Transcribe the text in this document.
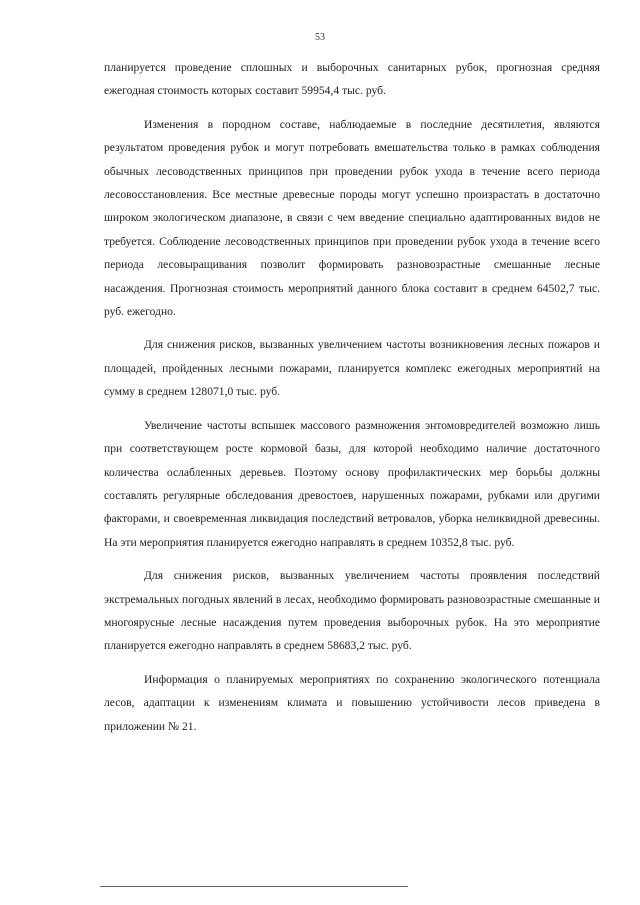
53

планируется проведение сплошных и выборочных санитарных рубок, прогнозная средняя ежегодная стоимость которых составит 59954,4 тыс. руб.

Изменения в породном составе, наблюдаемые в последние десятилетия, являются результатом проведения рубок и могут потребовать вмешательства только в рамках соблюдения обычных лесоводственных принципов при проведении рубок ухода в течение всего периода лесовосстановления. Все местные древесные породы могут успешно произрастать в достаточно широком экологическом диапазоне, в связи с чем введение специально адаптированных видов не требуется. Соблюдение лесоводственных принципов при проведении рубок ухода в течение всего периода лесовыращивания позволит формировать разновозрастные смешанные лесные насаждения. Прогнозная стоимость мероприятий данного блока составит в среднем 64502,7 тыс. руб. ежегодно.

Для снижения рисков, вызванных увеличением частоты возникновения лесных пожаров и площадей, пройденных лесными пожарами, планируется комплекс ежегодных мероприятий на сумму в среднем 128071,0 тыс. руб.

Увеличение частоты вспышек массового размножения энтомовредителей возможно лишь при соответствующем росте кормовой базы, для которой необходимо наличие достаточного количества ослабленных деревьев. Поэтому основу профилактических мер борьбы должны составлять регулярные обследования древостоев, нарушенных пожарами, рубками или другими факторами, и своевременная ликвидация последствий ветровалов, уборка неликвидной древесины. На эти мероприятия планируется ежегодно направлять в среднем 10352,8 тыс. руб.

Для снижения рисков, вызванных увеличением частоты проявления последствий экстремальных погодных явлений в лесах, необходимо формировать разновозрастные смешанные и многоярусные лесные насаждения путем проведения выборочных рубок. На это мероприятие планируется ежегодно направлять в среднем 58683,2 тыс. руб.

Информация о планируемых мероприятиях по сохранению экологического потенциала лесов, адаптации к изменениям климата и повышению устойчивости лесов приведена в приложении № 21.
